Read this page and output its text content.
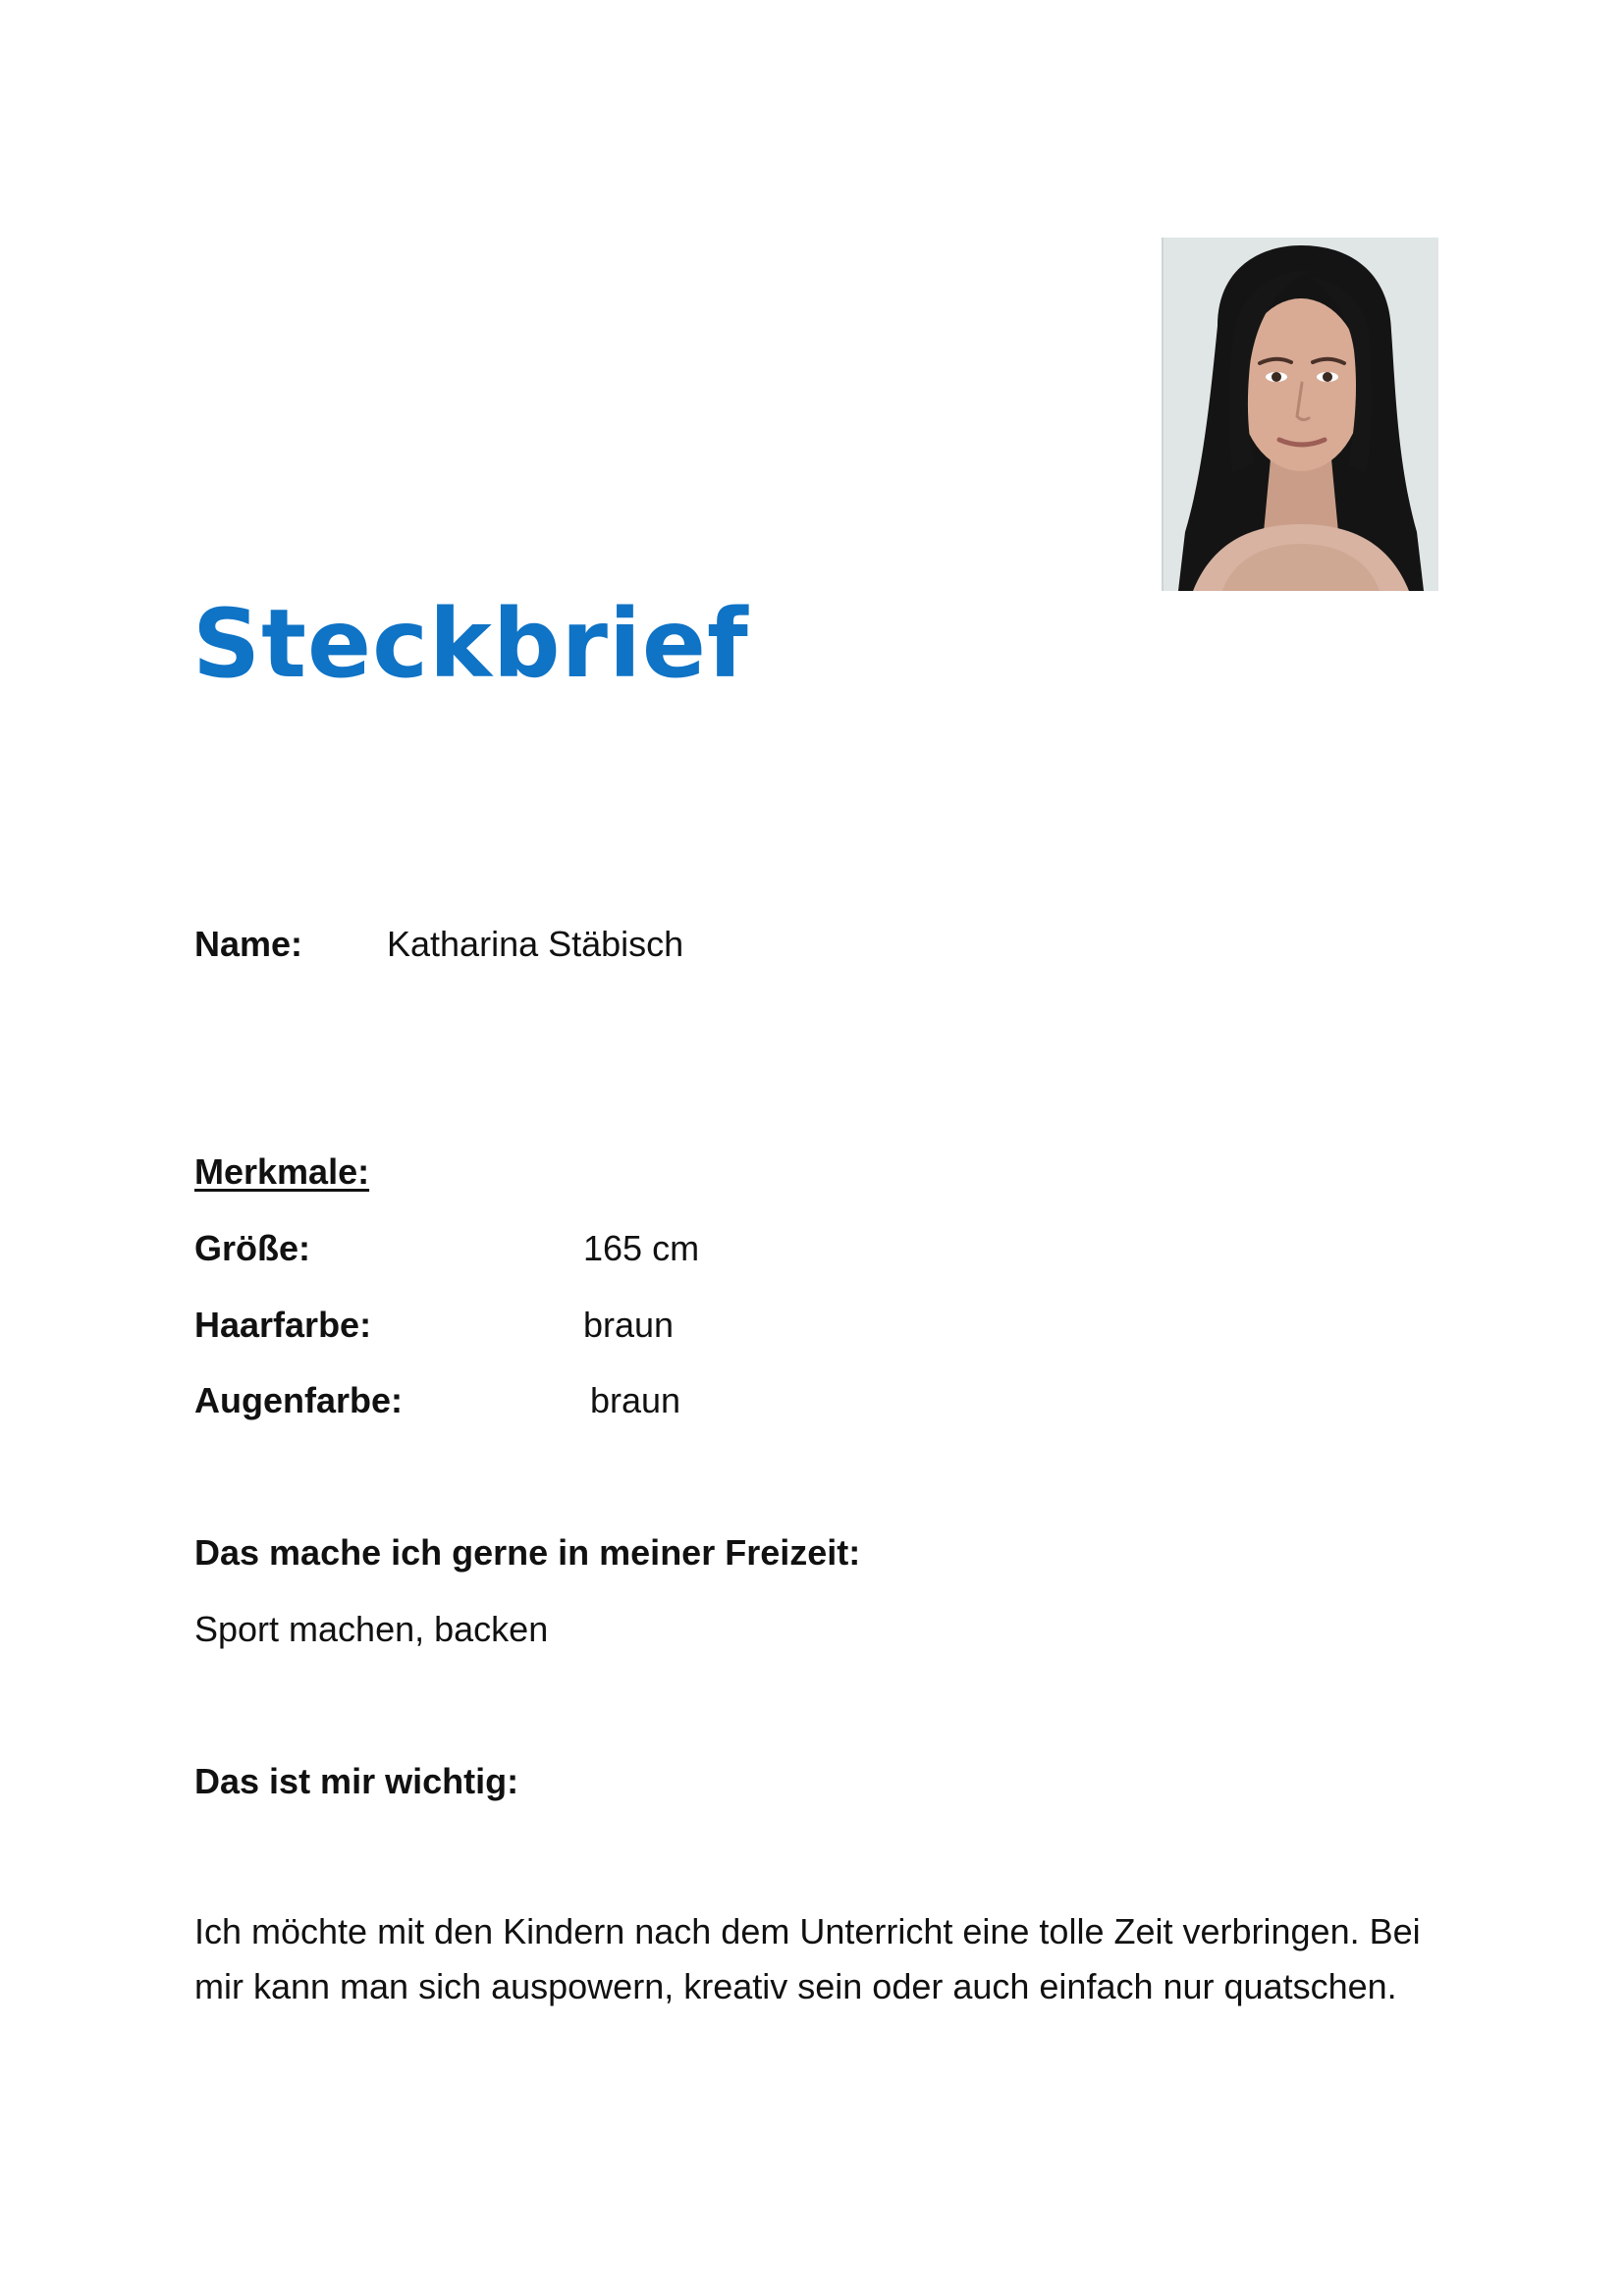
Steckbrief
Name: Katharina Stäbisch
Merkmale:
Größe:	165 cm
Haarfarbe:	braun
Augenfarbe:	braun
Das mache ich gerne in meiner Freizeit:
Sport machen, backen
Das ist mir wichtig:

Ich möchte mit den Kindern nach dem Unterricht eine tolle Zeit verbringen. Bei mir kann man sich auspowern, kreativ sein oder auch einfach nur quatschen.
